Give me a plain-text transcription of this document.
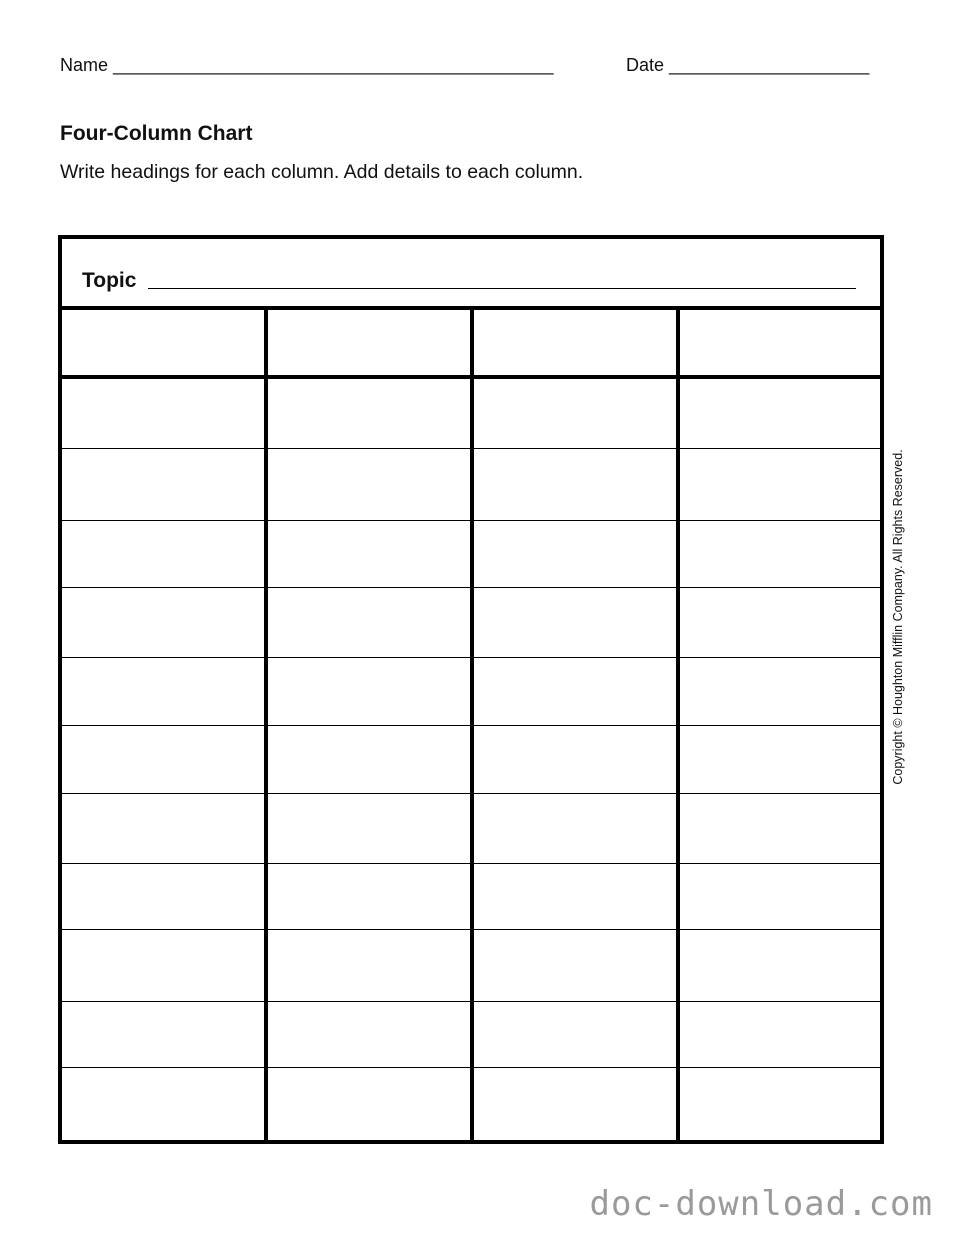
Name ____________________________________________	Date ____________________
Four-Column Chart
Write headings for each column. Add details to each column.
Topic
Copyright © Houghton Mifflin Company. All Rights Reserved.
doc-download.com
